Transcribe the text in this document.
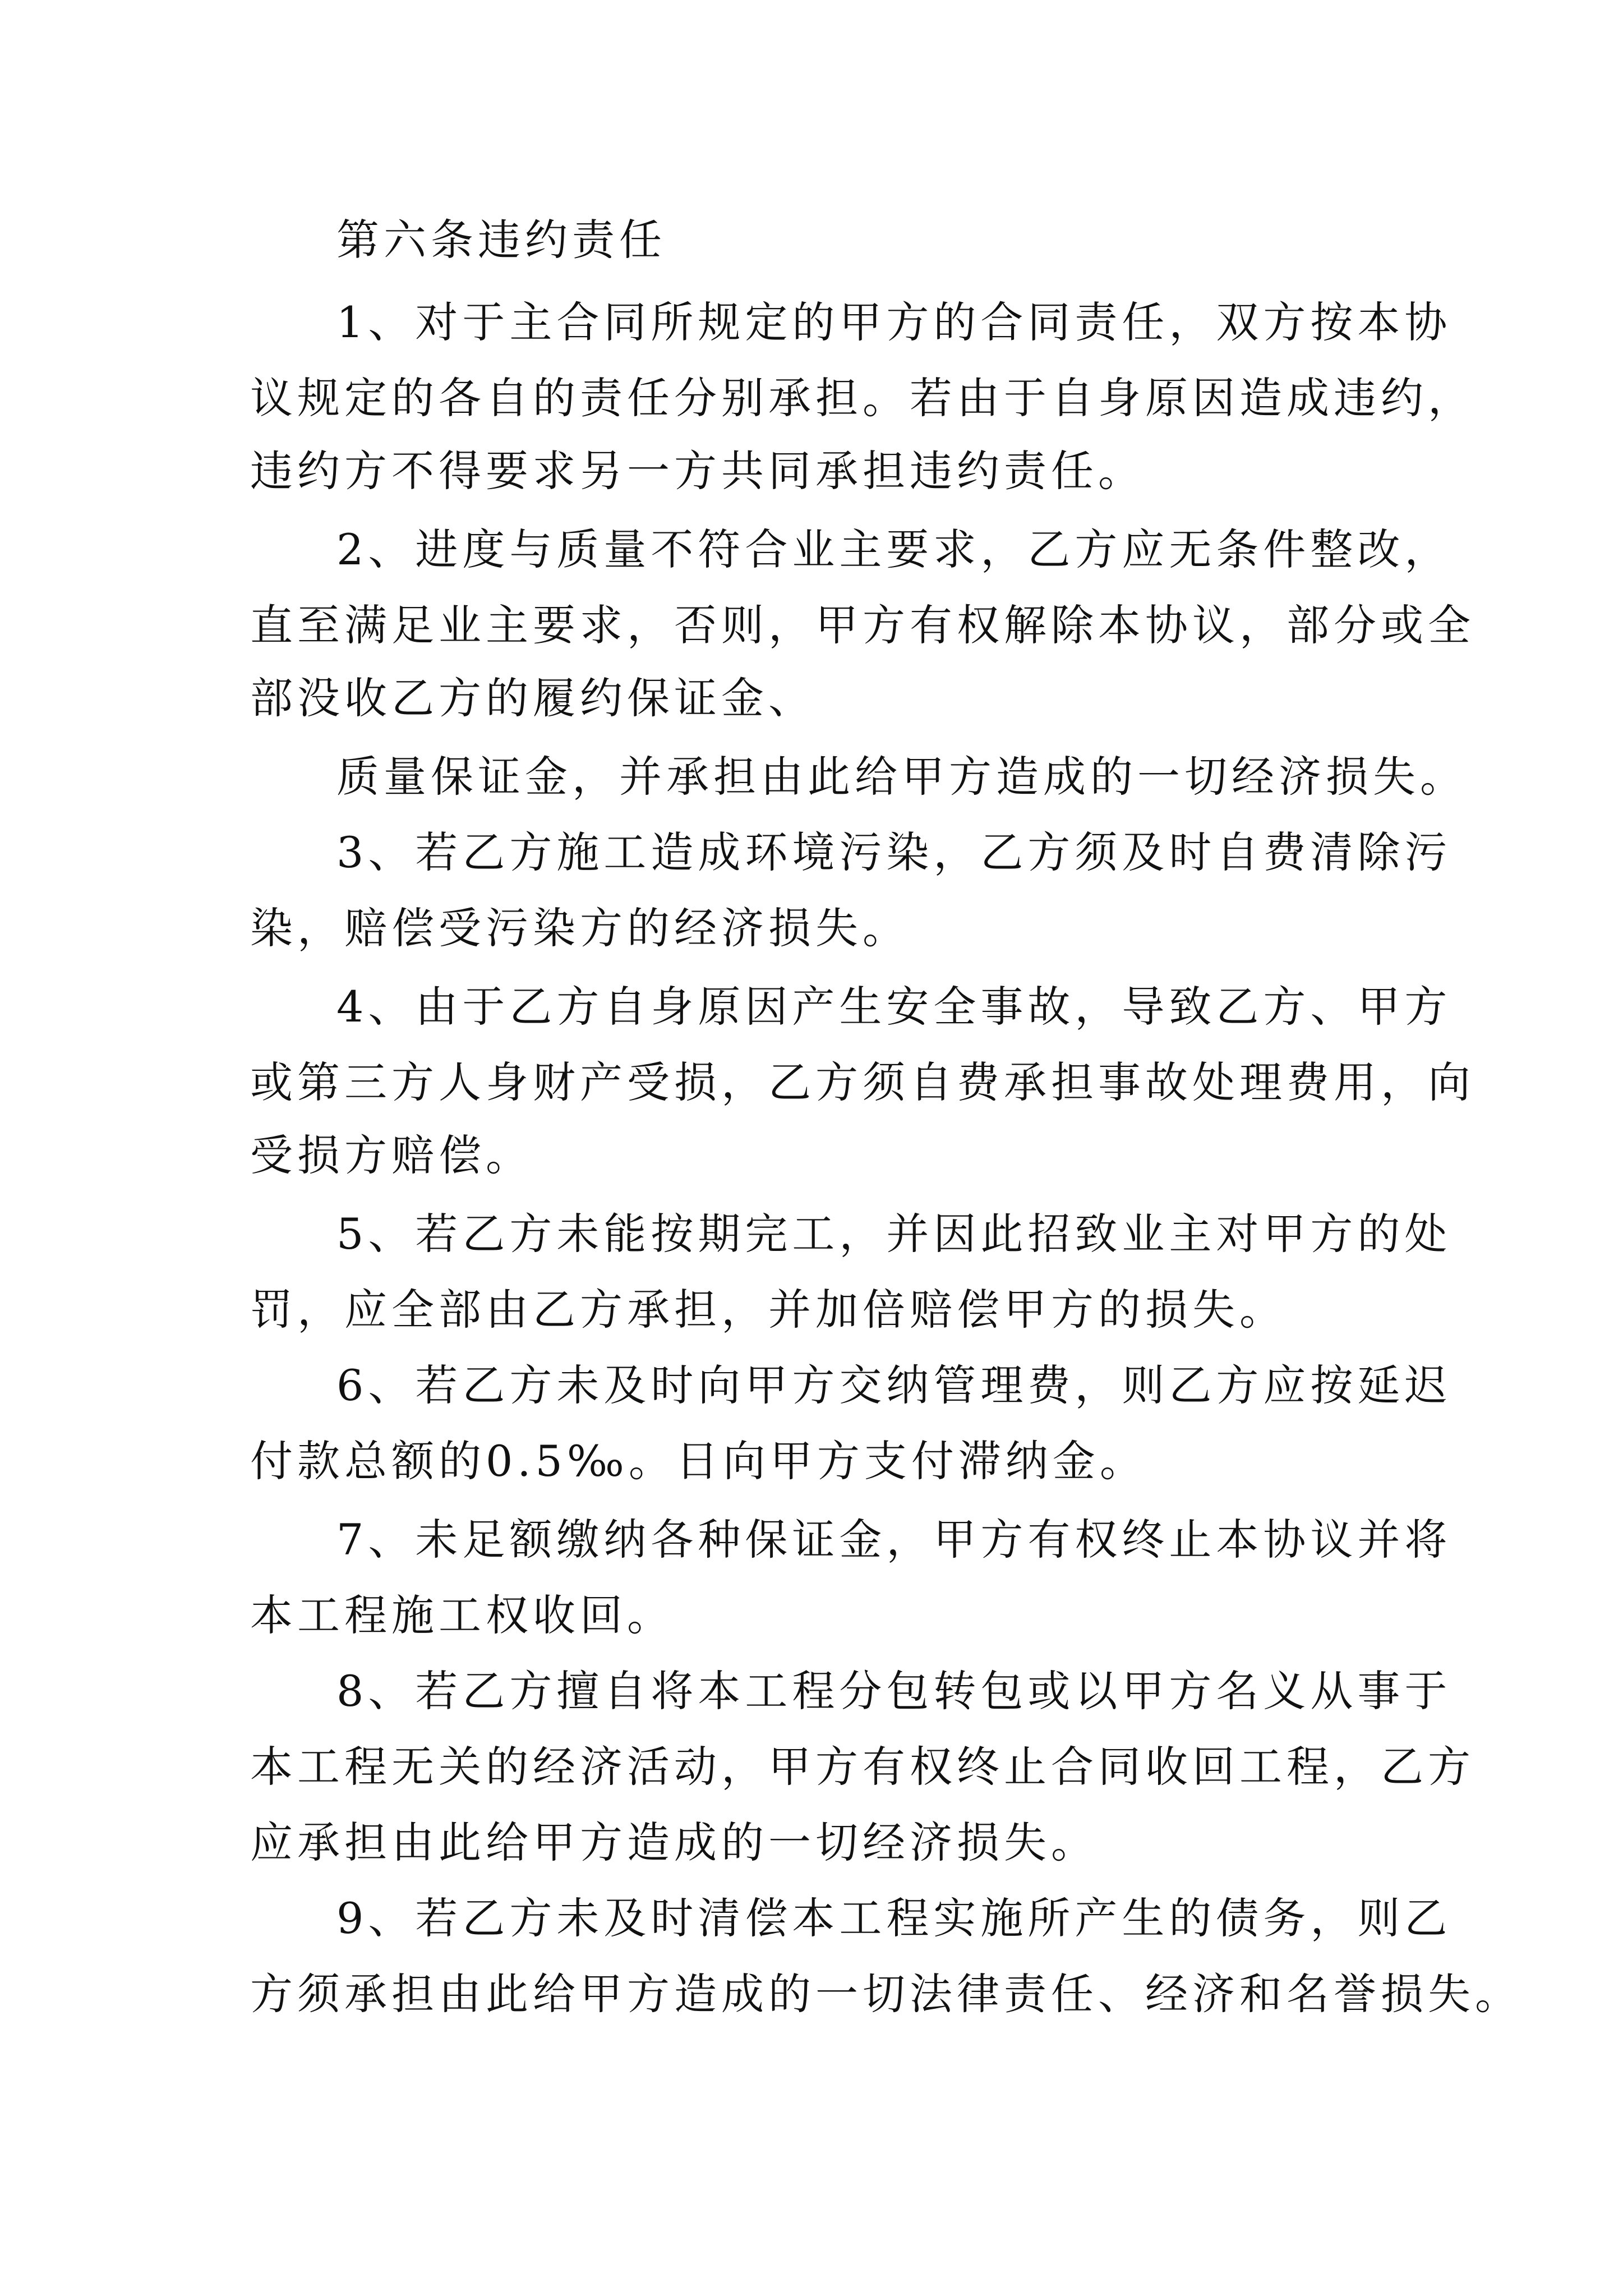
第六条违约责任
1、对于主合同所规定的甲方的合同责任，双方按本协
议规定的各自的责任分别承担。若由于自身原因造成违约，
违约方不得要求另一方共同承担违约责任。
2、进度与质量不符合业主要求，乙方应无条件整改，
直至满足业主要求，否则，甲方有权解除本协议，部分或全
部没收乙方的履约保证金、
质量保证金，并承担由此给甲方造成的一切经济损失。
3、若乙方施工造成环境污染，乙方须及时自费清除污
染，赔偿受污染方的经济损失。
4、由于乙方自身原因产生安全事故，导致乙方、甲方
或第三方人身财产受损，乙方须自费承担事故处理费用，向
受损方赔偿。
5、若乙方未能按期完工，并因此招致业主对甲方的处
罚，应全部由乙方承担，并加倍赔偿甲方的损失。
6、若乙方未及时向甲方交纳管理费，则乙方应按延迟
付款总额的0.5‰。日向甲方支付滞纳金。
7、未足额缴纳各种保证金，甲方有权终止本协议并将
本工程施工权收回。
8、若乙方擅自将本工程分包转包或以甲方名义从事于
本工程无关的经济活动，甲方有权终止合同收回工程，乙方
应承担由此给甲方造成的一切经济损失。
9、若乙方未及时清偿本工程实施所产生的债务，则乙
方须承担由此给甲方造成的一切法律责任、经济和名誉损失。
